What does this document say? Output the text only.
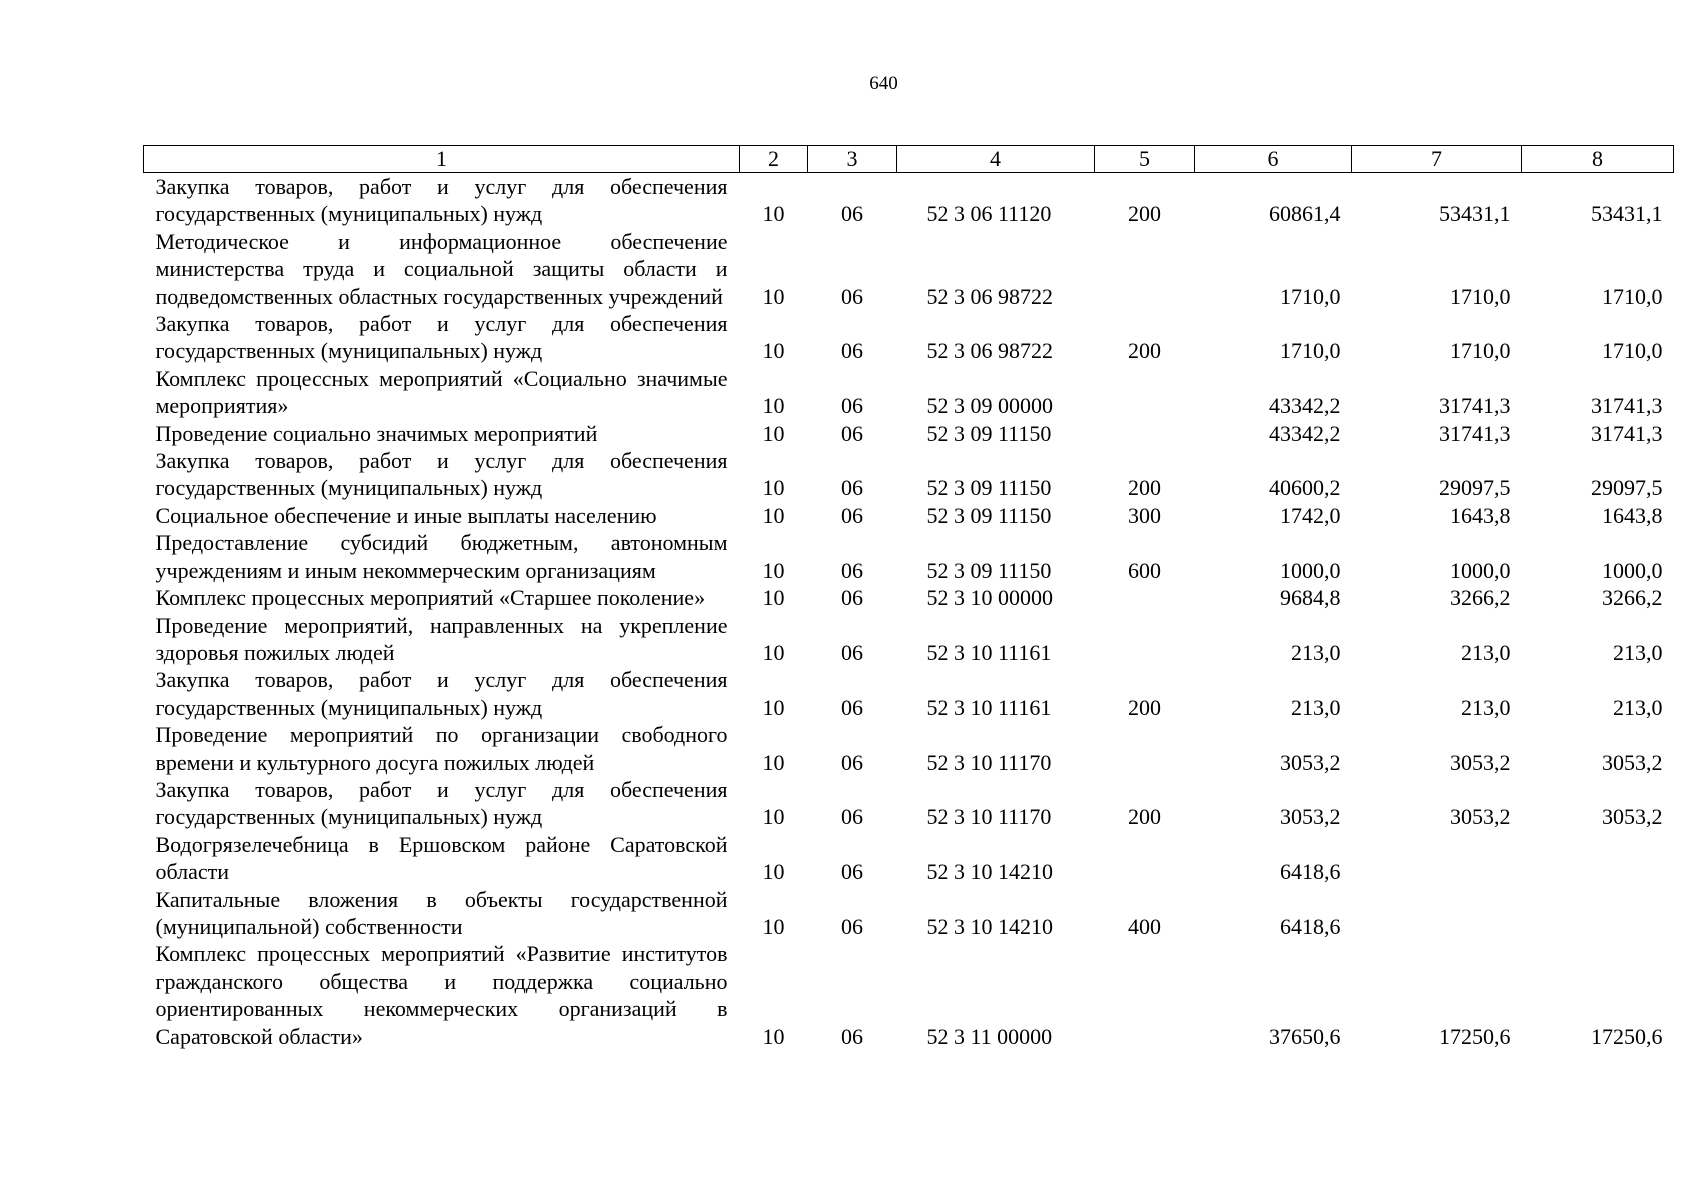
640
1	2	3	4	5	6	7	8
Закупка товаров, работ и услуг для обеспечения государственных (муниципальных) нужд	10	06	52 3 06 11120	200	60861,4	53431,1	53431,1
Методическое и информационное обеспечение министерства труда и социальной защиты области и подведомственных областных государственных учреждений	10	06	52 3 06 98722		1710,0	1710,0	1710,0
Закупка товаров, работ и услуг для обеспечения государственных (муниципальных) нужд	10	06	52 3 06 98722	200	1710,0	1710,0	1710,0
Комплекс процессных мероприятий «Социально значимые мероприятия»	10	06	52 3 09 00000		43342,2	31741,3	31741,3
Проведение социально значимых мероприятий	10	06	52 3 09 11150		43342,2	31741,3	31741,3
Закупка товаров, работ и услуг для обеспечения государственных (муниципальных) нужд	10	06	52 3 09 11150	200	40600,2	29097,5	29097,5
Социальное обеспечение и иные выплаты населению	10	06	52 3 09 11150	300	1742,0	1643,8	1643,8
Предоставление субсидий бюджетным, автономным учреждениям и иным некоммерческим организациям	10	06	52 3 09 11150	600	1000,0	1000,0	1000,0
Комплекс процессных мероприятий «Старшее поколение»	10	06	52 3 10 00000		9684,8	3266,2	3266,2
Проведение мероприятий, направленных на укрепление здоровья пожилых людей	10	06	52 3 10 11161		213,0	213,0	213,0
Закупка товаров, работ и услуг для обеспечения государственных (муниципальных) нужд	10	06	52 3 10 11161	200	213,0	213,0	213,0
Проведение мероприятий по организации свободного времени и культурного досуга пожилых людей	10	06	52 3 10 11170		3053,2	3053,2	3053,2
Закупка товаров, работ и услуг для обеспечения государственных (муниципальных) нужд	10	06	52 3 10 11170	200	3053,2	3053,2	3053,2
Водогрязелечебница в Ершовском районе Саратовской области	10	06	52 3 10 14210		6418,6		
Капитальные вложения в объекты государственной (муниципальной) собственности	10	06	52 3 10 14210	400	6418,6		
Комплекс процессных мероприятий «Развитие институтов гражданского общества и поддержка социально ориентированных некоммерческих организаций в Саратовской области»	10	06	52 3 11 00000		37650,6	17250,6	17250,6
